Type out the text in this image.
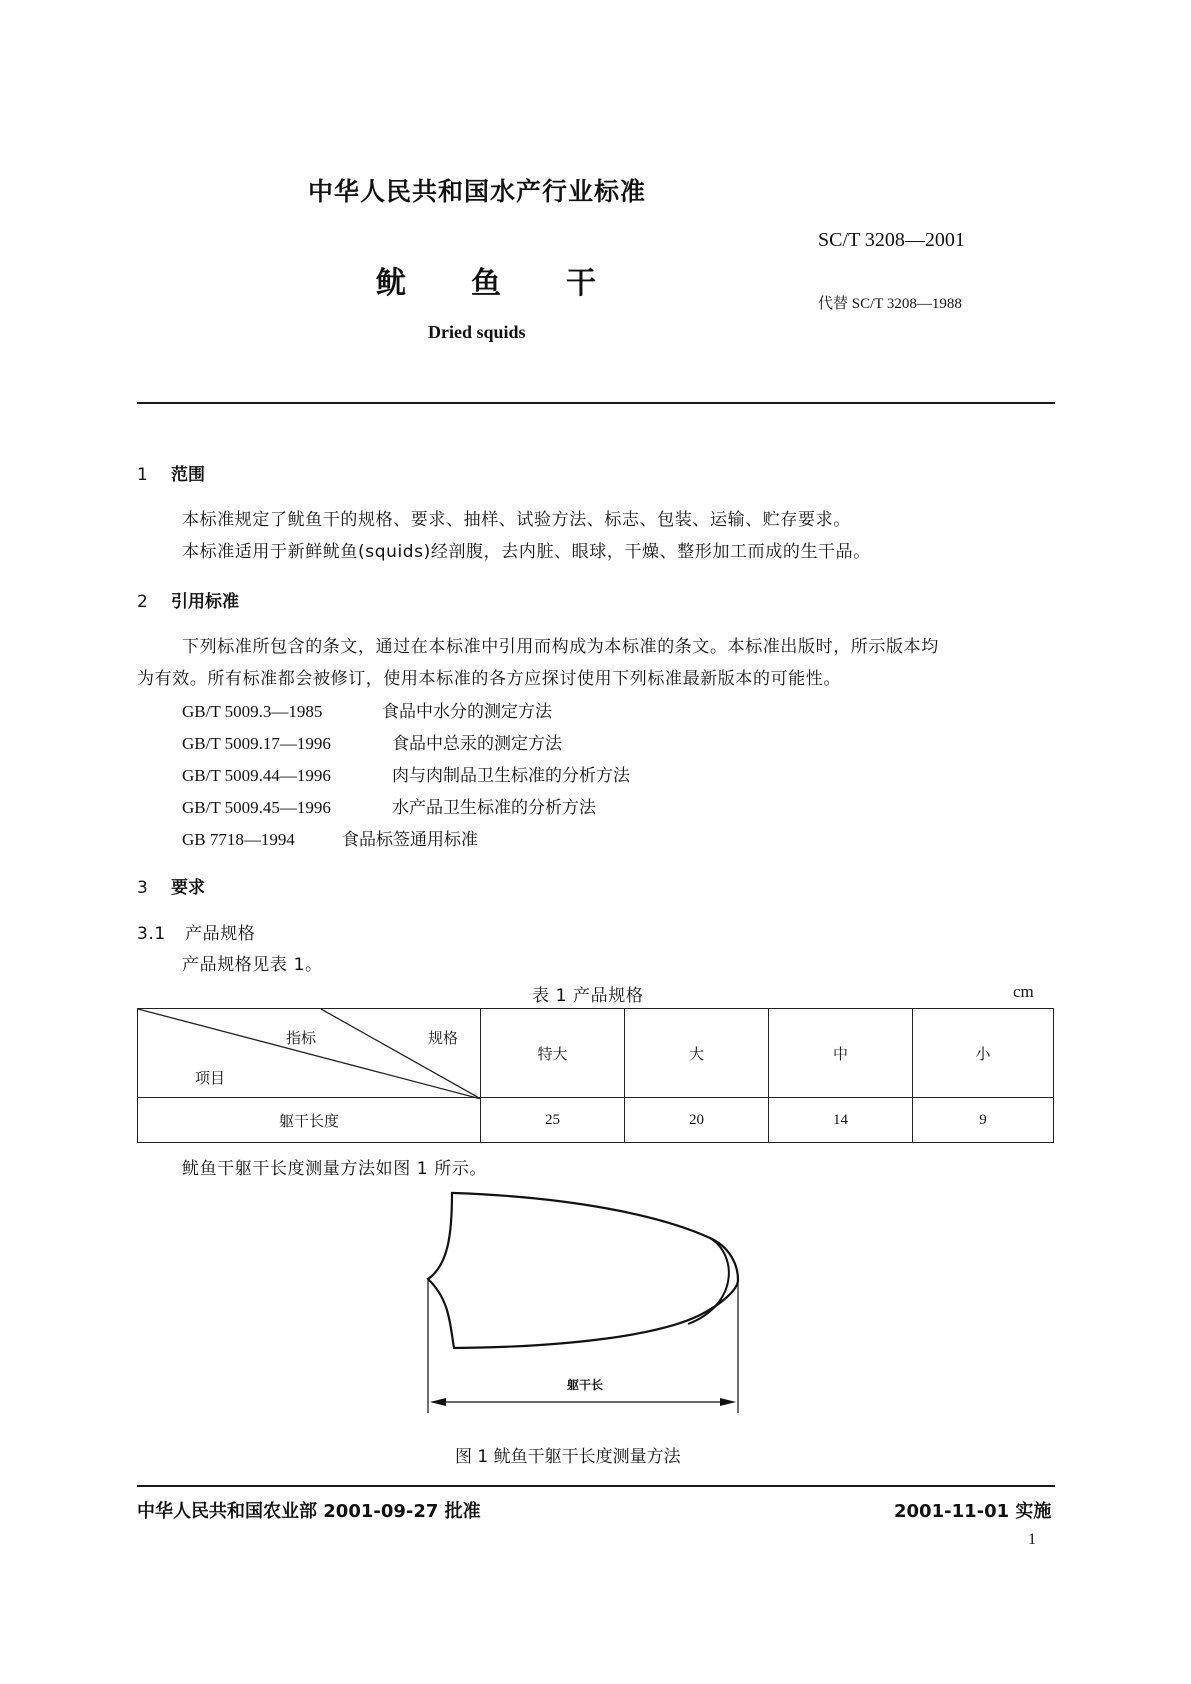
中华人民共和国水产行业标准
SC/T 3208—2001
鱿 鱼 干
代替 SC/T 3208—1988
Dried squids
1 范围
本标准规定了鱿鱼干的规格、要求、抽样、试验方法、标志、包装、运输、贮存要求。
本标准适用于新鲜鱿鱼(squids)经剖腹，去内脏、眼球，干燥、整形加工而成的生干品。
2 引用标准
下列标准所包含的条文，通过在本标准中引用而构成为本标准的条文。本标准出版时，所示版本均
为有效。所有标准都会被修订，使用本标准的各方应探讨使用下列标准最新版本的可能性。
GB/T 5009.3—1985	食品中水分的测定方法
GB/T 5009.17—1996	食品中总汞的测定方法
GB/T 5009.44—1996	肉与肉制品卫生标准的分析方法
GB/T 5009.45—1996	水产品卫生标准的分析方法
GB 7718—1994	食品标签通用标准
3 要求
3.1 产品规格
产品规格见表 1。
表 1 产品规格	cm
指标 规格
项目	特大	大	中	小
躯干长度	25	20	14	9
鱿鱼干躯干长度测量方法如图 1 所示。
躯干长
图 1 鱿鱼干躯干长度测量方法
中华人民共和国农业部 2001-09-27 批准	2001-11-01 实施
1
